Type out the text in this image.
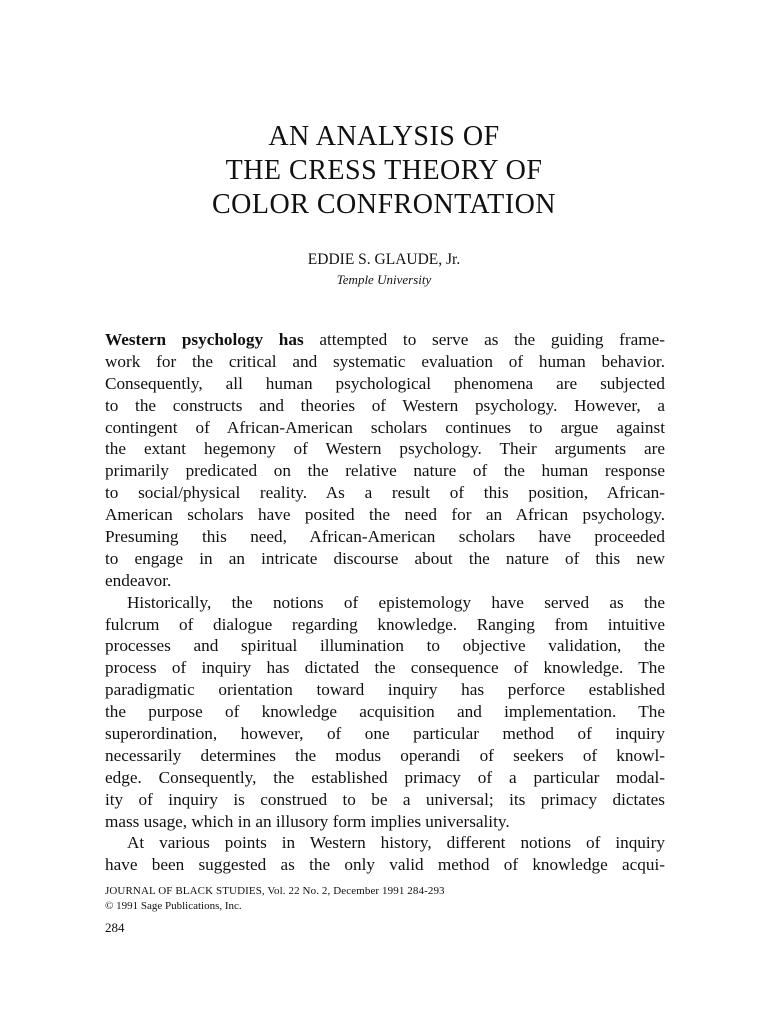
AN ANALYSIS OF
THE CRESS THEORY OF
COLOR CONFRONTATION
EDDIE S. GLAUDE, Jr.
Temple University
Western psychology has attempted to serve as the guiding frame-
work for the critical and systematic evaluation of human behavior.
Consequently, all human psychological phenomena are subjected
to the constructs and theories of Western psychology. However, a
contingent of African-American scholars continues to argue against
the extant hegemony of Western psychology. Their arguments are
primarily predicated on the relative nature of the human response
to social/physical reality. As a result of this position, African-
American scholars have posited the need for an African psychology.
Presuming this need, African-American scholars have proceeded
to engage in an intricate discourse about the nature of this new
endeavor.
Historically, the notions of epistemology have served as the
fulcrum of dialogue regarding knowledge. Ranging from intuitive
processes and spiritual illumination to objective validation, the
process of inquiry has dictated the consequence of knowledge. The
paradigmatic orientation toward inquiry has perforce established
the purpose of knowledge acquisition and implementation. The
superordination, however, of one particular method of inquiry
necessarily determines the modus operandi of seekers of knowl-
edge. Consequently, the established primacy of a particular modal-
ity of inquiry is construed to be a universal; its primacy dictates
mass usage, which in an illusory form implies universality.
At various points in Western history, different notions of inquiry
have been suggested as the only valid method of knowledge acqui-
JOURNAL OF BLACK STUDIES, Vol. 22 No. 2, December 1991 284-293
© 1991 Sage Publications, Inc.
284
